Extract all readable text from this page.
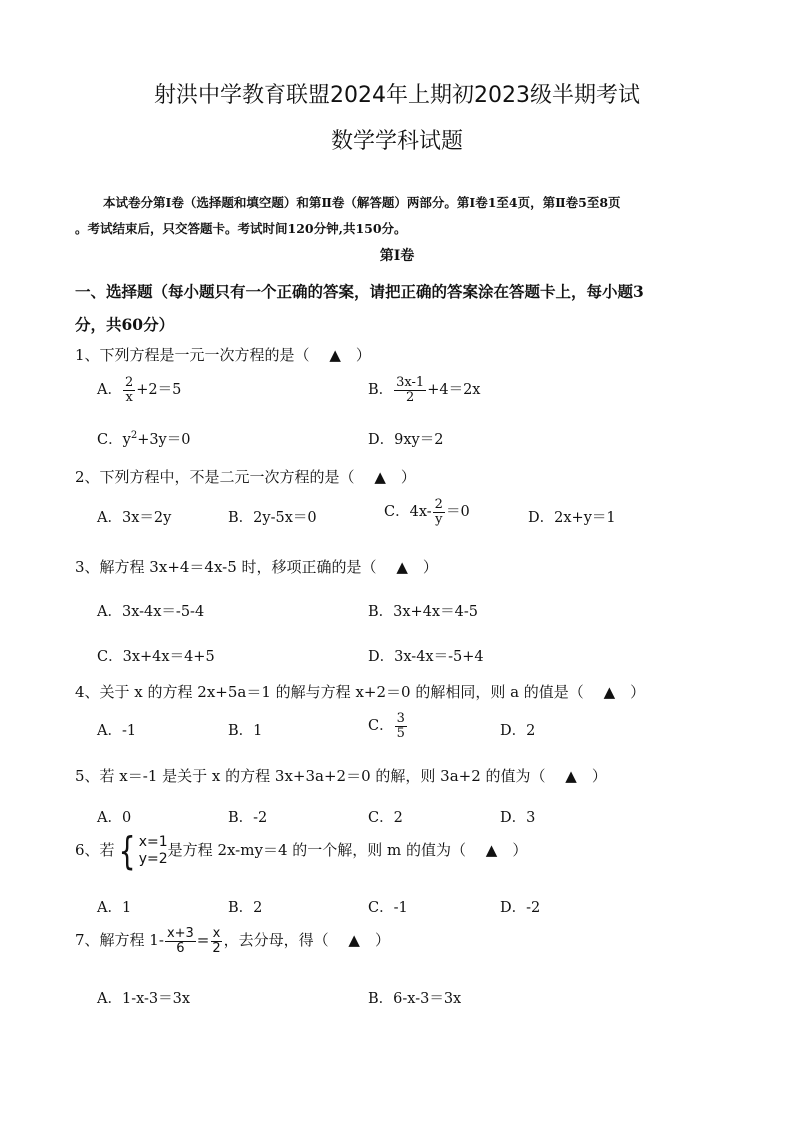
射洪中学教育联盟2024年上期初2023级半期考试
数学学科试题
本试卷分第Ⅰ卷（选择题和填空题）和第Ⅱ卷（解答题）两部分。第Ⅰ卷1至4页，第Ⅱ卷5至8页
。考试结束后，只交答题卡。考试时间120分钟,共150分。
第Ⅰ卷
一、选择题（每小题只有一个正确的答案，请把正确的答案涂在答题卡上，每小题3
分，共60分）
1、下列方程是一元一次方程的是（　 ▲　）
A． $\frac{2}{x} +2=5$	B． $\frac{3x-1}{2} +4=2x$
C．$y^2+3y=0$	D．9xy＝2
2、下列方程中，不是二元一次方程的是（　 ▲　）
A．3x＝2y	B．2y-5x＝0	C．$4x- \frac{2}{y} =0$	D．2x+y＝1
3、解方程 3x+4＝4x-5 时，移项正确的是（　 ▲　）
A．3x-4x＝-5-4	B．3x+4x＝4-5
C．3x+4x＝4+5	D．3x-4x＝-5+4
4、关于 x 的方程 2x+5a＝1 的解与方程 x+2＝0 的解相同，则 a 的值是（　 ▲　）
A．-1	B．1	C． $\frac{3}{5}$	D．2
5、若 x＝-1 是关于 x 的方程 3x+3a+2＝0 的解，则 3a+2 的值为（　 ▲　）
A．0	B．-2	C．2	D．3
6、若 { x=1
y=2 是方程 2x-my＝4 的一个解，则 m 的值为（　 ▲　）
A．1	B．2	C．-1	D．-2
7、解方程 $1- \frac{x+3}{6} = \frac{x}{2}$ ，去分母，得（　 ▲　）
A．1-x-3＝3x	B．6-x-3＝3x
